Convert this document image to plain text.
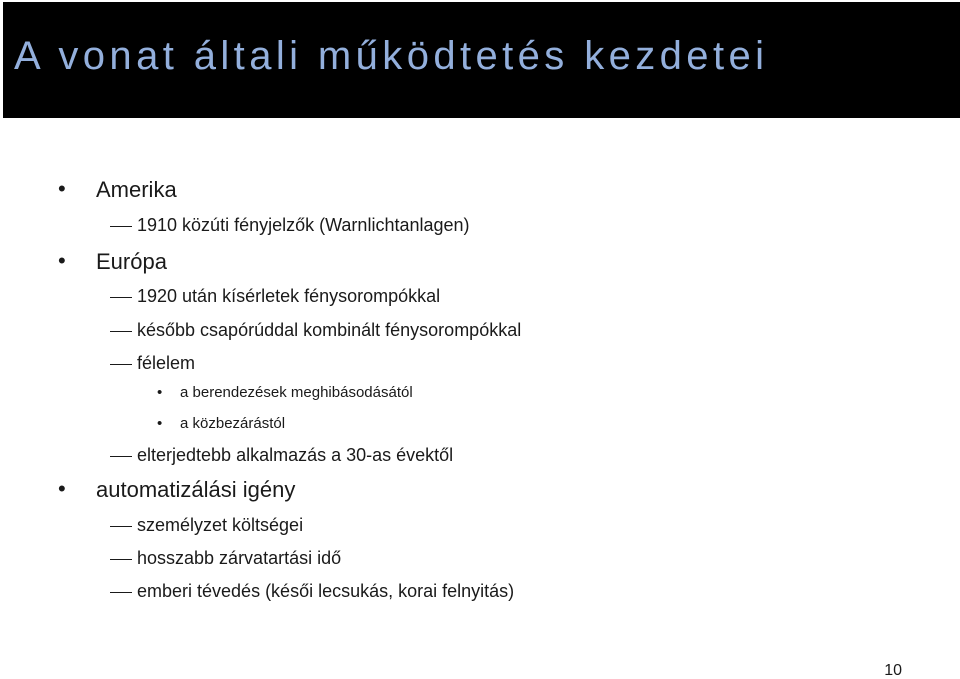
A vonat általi működtetés kezdetei
• Amerika
1910 közúti fényjelzők (Warnlichtanlagen)
• Európa
1920 után kísérletek fénysorompókkal
később csapórúddal kombinált fénysorompókkal
félelem
• a berendezések meghibásodásától
• a közbezárástól
elterjedtebb alkalmazás a 30-as évektől
• automatizálási igény
személyzet költségei
hosszabb zárvatartási idő
emberi tévedés (késői lecsukás, korai felnyitás)
10
